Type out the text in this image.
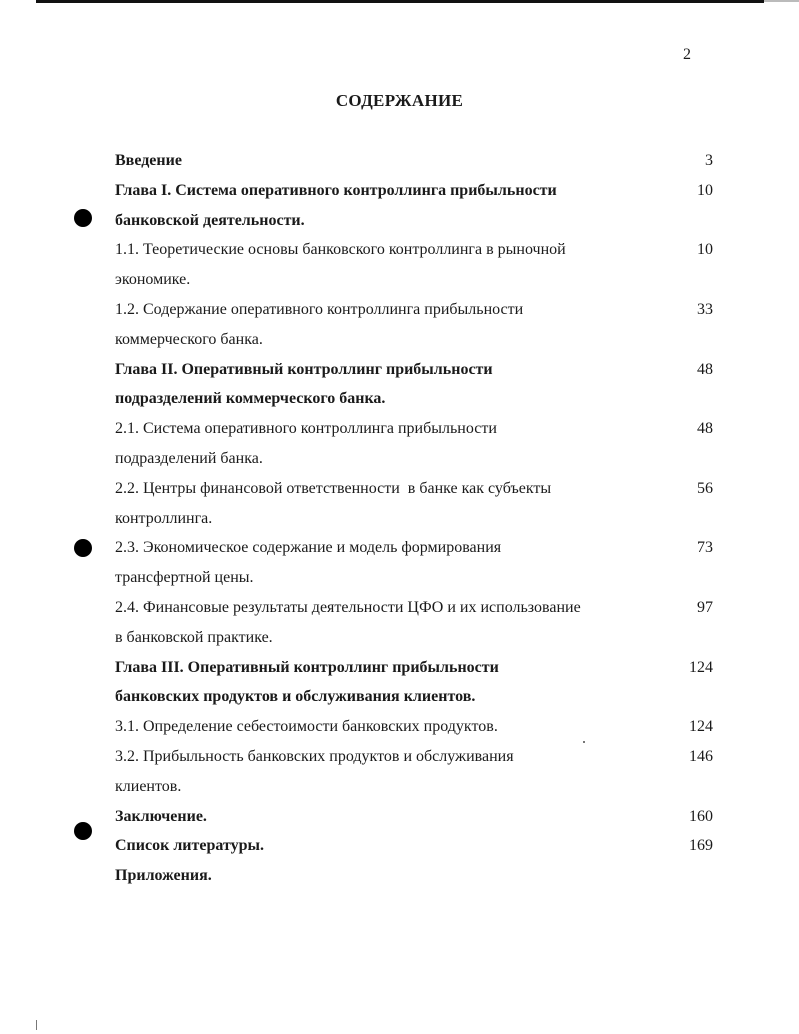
2
СОДЕРЖАНИЕ
Введение	3
Глава I. Система оперативного контроллинга прибыльности	10
банковской деятельности.
1.1. Теоретические основы банковского контроллинга в рыночной	10
экономике.
1.2. Содержание оперативного контроллинга прибыльности	33
коммерческого банка.
Глава II. Оперативный контроллинг прибыльности	48
подразделений коммерческого банка.
2.1. Система оперативного контроллинга прибыльности	48
подразделений банка.
2.2. Центры финансовой ответственности  в банке как субъекты	56
контроллинга.
2.3. Экономическое содержание и модель формирования	73
трансфертной цены.
2.4. Финансовые результаты деятельности ЦФО и их использование	97
в банковской практике.
Глава III. Оперативный контроллинг прибыльности	124
банковских продуктов и обслуживания клиентов.
3.1. Определение себестоимости банковских продуктов.	124
3.2. Прибыльность банковских продуктов и обслуживания	146
клиентов.
Заключение.	160
Список литературы.	169
Приложения.
